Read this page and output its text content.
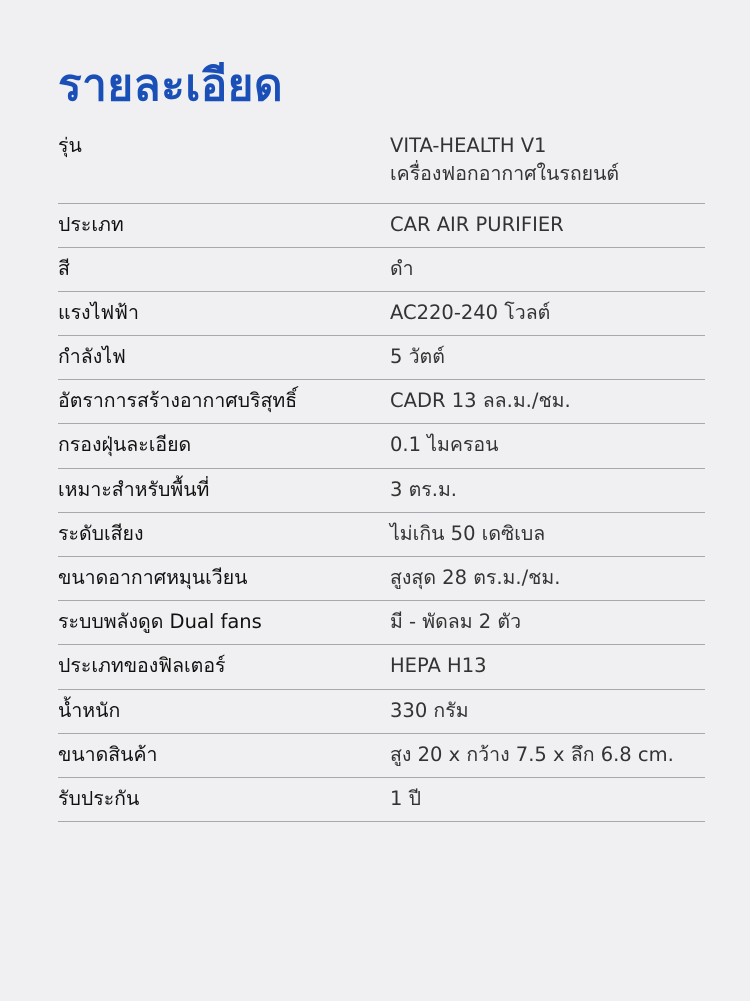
รายละเอียด
รุ่น	VITA-HEALTH V1
เครื่องฟอกอากาศในรถยนต์
ประเภท	CAR AIR PURIFIER
สี	ดำ
แรงไฟฟ้า	AC220-240 โวลต์
กำลังไฟ	5 วัตต์
อัตราการสร้างอากาศบริสุทธิ์	CADR 13 ลล.ม./ชม.
กรองฝุ่นละเอียด	0.1 ไมครอน
เหมาะสำหรับพื้นที่	3 ตร.ม.
ระดับเสียง	ไม่เกิน 50 เดซิเบล
ขนาดอากาศหมุนเวียน	สูงสุด 28 ตร.ม./ชม.
ระบบพลังดูด Dual fans	มี - พัดลม 2 ตัว
ประเภทของฟิลเตอร์	HEPA H13
น้ำหนัก	330 กรัม
ขนาดสินค้า	สูง 20 x กว้าง 7.5 x ลึก 6.8 cm.
รับประกัน	1 ปี
